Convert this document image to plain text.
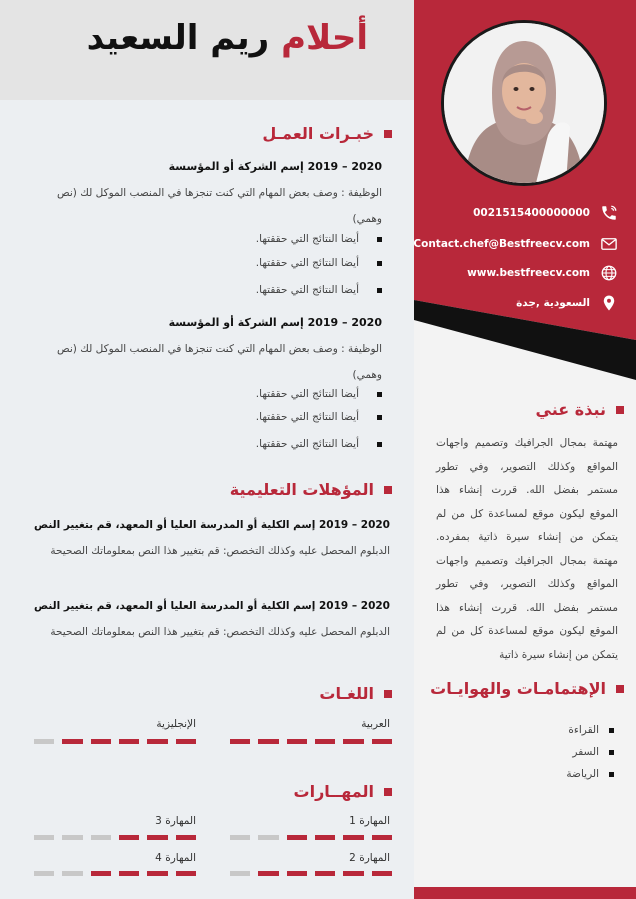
أحلام ريم السعيد
خبـرات العمـل
2020 – 2019 إسم الشركة أو المؤسسة
الوظيفة : وصف بعض المهام التي كنت تنجزها في المنصب الموكل لك (نص وهمي)
أيضا النتائج التي حققتها.
أيضا النتائج التي حققتها.
أيضا النتائج التي حققتها.
2020 – 2019 إسم الشركة أو المؤسسة
الوظيفة : وصف بعض المهام التي كنت تنجزها في المنصب الموكل لك (نص وهمي)
أيضا النتائج التي حققتها.
أيضا النتائج التي حققتها.
أيضا النتائج التي حققتها.
المؤهلات التعليمية
2020 – 2019 إسم الكلية أو المدرسة العليا أو المعهد، قم بتغيير النص
الدبلوم المحصل عليه وكذلك التخصص: قم بتغيير هذا النص بمعلوماتك الصحيحة
2020 – 2019 إسم الكلية أو المدرسة العليا أو المعهد، قم بتغيير النص
الدبلوم المحصل عليه وكذلك التخصص: قم بتغيير هذا النص بمعلوماتك الصحيحة
اللغـات
العربية
الإنجليزية
المهــارات
المهارة 1
المهارة 3
المهارة 2
المهارة 4
0021515400000000
Contact.chef@Bestfreecv.com
www.bestfreecv.com
السعودية ,جدة
نبذة عني
مهتمة بمجال الجرافيك وتصميم واجهات المواقع وكذلك التصوير، وفي تطور مستمر بفضل الله. قررت إنشاء هذا الموقع ليكون موقع لمساعدة كل من لم يتمكن من إنشاء سيرة ذاتية بمفرده. مهتمة بمجال الجرافيك وتصميم واجهات المواقع وكذلك التصوير، وفي تطور مستمر بفضل الله. قررت إنشاء هذا الموقع ليكون موقع لمساعدة كل من لم يتمكن من إنشاء سيرة ذاتية
الإهتمامـات والهوايـات
القراءة
السفر
الرياضة
